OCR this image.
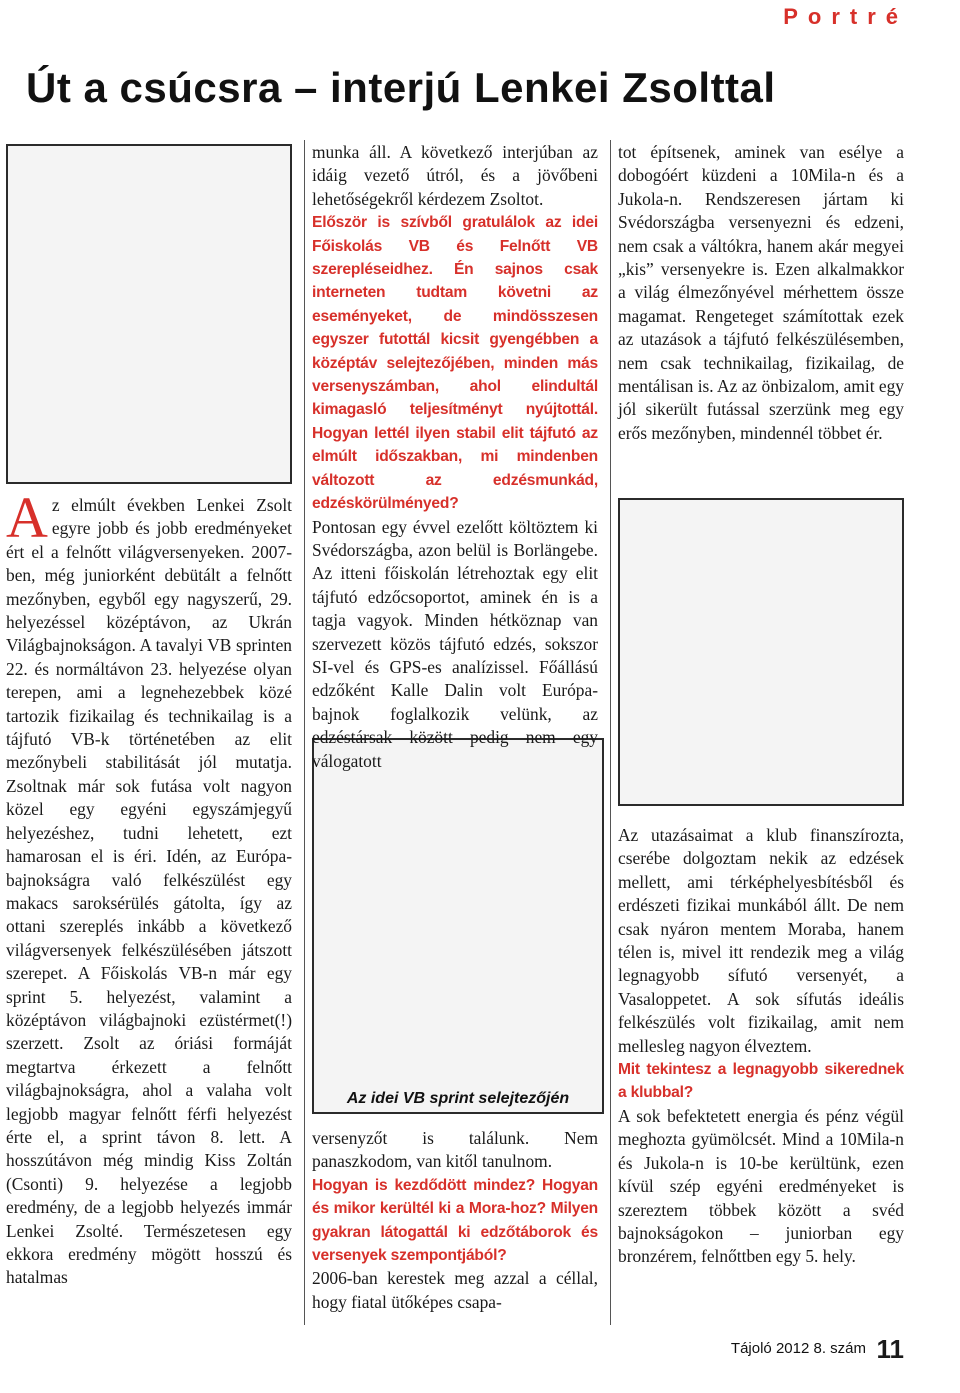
Portré
Út a csúcsra – interjú Lenkei Zsolttal
Az idei VB sprint selejtezőjén

Az elmúlt években Lenkei Zsolt egyre jobb és jobb eredményeket ért el a felnőtt világversenyeken. 2007-ben, még juniorként debütált a felnőtt mezőnyben, egyből egy nagyszerű, 29. helyezéssel középtávon, az Ukrán Világbajnokságon. A tavalyi VB sprinten 22. és normáltávon 23. helyezése olyan terepen, ami a legnehezebbek közé tartozik fizikailag és technikailag is a tájfutó VB-k történetében az elit mezőnybeli stabilitását jól mutatja. Zsoltnak már sok futása volt nagyon közel egy egyéni egyszámjegyű helyezéshez, tudni lehetett, ezt hamarosan el is éri. Idén, az Európa-bajnokságra való felkészülést egy makacs saroksérülés gátolta, így az ottani szereplés inkább a következő világversenyek felkészülésében játszott szerepet. A Főiskolás VB-n már egy sprint 5. helyezést, valamint a középtávon világbajnoki ezüstérmet(!) szerzett. Zsolt az óriási formáját megtartva érkezett a felnőtt világbajnokságra, ahol a valaha volt legjobb magyar felnőtt férfi helyezést érte el, a sprint távon 8. lett. A hosszútávon még mindig Kiss Zoltán (Csonti) 9. helyezése a legjobb eredmény, de a legjobb helyezés immár Lenkei Zsolté. Természetesen egy ekkora eredmény mögött hosszú és hatalmas

munka áll. A következő interjúban az idáig vezető útról, és a jövőbeni lehetőségekről kérdezem Zsoltot.

Először is szívből gratulálok az idei Főiskolás VB és Felnőtt VB szerepléseidhez. Én sajnos csak interneten tudtam követni az eseményeket, de mindösszesen egyszer futottál kicsit gyengébben a középtáv selejtezőjében, minden más versenyszámban, ahol elindultál kimagasló teljesítményt nyújtottál. Hogyan lettél ilyen stabil elit tájfutó az elmúlt időszakban, mi mindenben változott az edzésmunkád, edzéskörülményed?

Pontosan egy évvel ezelőtt költöztem ki Svédországba, azon belül is Borlängebe. Az itteni főiskolán létrehoztak egy elit tájfutó edzőcsoportot, aminek én is a tagja vagyok. Minden hétköznap van szervezett közös tájfutó edzés, sokszor SI-vel és GPS-es analízissel. Főállású edzőként Kalle Dalin volt Európa-bajnok foglalkozik velünk, az edzéstársak között pedig nem egy válogatott

versenyzőt is találunk. Nem panaszkodom, van kitől tanulnom.

Hogyan is kezdődött mindez? Hogyan és mikor kerültél ki a Mora-hoz? Milyen gyakran látogattál ki edzőtáborok és versenyek szempontjából?

2006-ban kerestek meg azzal a céllal, hogy fiatal ütőképes csapa-

tot építsenek, aminek van esélye a dobogóért küzdeni a 10Mila-n és a Jukola-n. Rendszeresen jártam ki Svédországba versenyezni és edzeni, nem csak a váltókra, hanem akár megyei „kis” versenyekre is. Ezen alkalmakkor a világ élmezőnyével mérhettem össze magamat. Rengeteget számítottak ezek az utazások a tájfutó felkészülésemben, nem csak technikailag, fizikailag, de mentálisan is. Az az önbizalom, amit egy jól sikerült futással szerzünk meg egy erős mezőnyben, mindennél többet ér.

Az utazásaimat a klub finanszírozta, cserébe dolgoztam nekik az edzések mellett, ami térképhelyesbítésből és erdészeti fizikai munkából állt. De nem csak nyáron mentem Moraba, hanem télen is, mivel itt rendezik meg a világ legnagyobb sífutó versenyét, a Vasaloppetet. A sok sífutás ideális felkészülés volt fizikailag, amit nem mellesleg nagyon élveztem.

Mit tekintesz a legnagyobb sikerednek a klubbal?

A sok befektetett energia és pénz végül meghozta gyümölcsét. Mind a 10Mila-n és Jukola-n is 10-be kerültünk, ezen kívül szép egyéni eredményeket is szereztem többek között a svéd bajnokságokon – juniorban egy bronzérem, felnőttben egy 5. hely.

Tájoló 2012 8. szám 11
